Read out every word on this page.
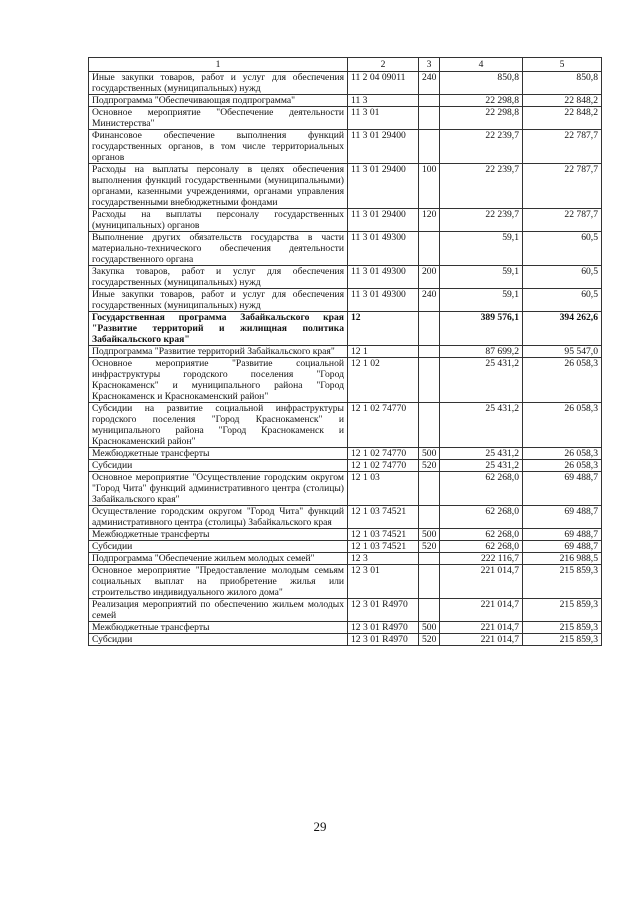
1	2	3	4	5
Иные закупки товаров, работ и услуг для обеспечения государственных (муниципальных) нужд	11 2 04 09011	240	850,8	850,8
Подпрограмма "Обеспечивающая подпрограмма"	11 3		22 298,8	22 848,2
Основное мероприятие "Обеспечение деятельности Министерства"	11 3 01		22 298,8	22 848,2
Финансовое обеспечение выполнения функций государственных органов, в том числе территориальных органов	11 3 01 29400		22 239,7	22 787,7
Расходы на выплаты персоналу в целях обеспечения выполнения функций государственными (муниципальными) органами, казенными учреждениями, органами управления государственными внебюджетными фондами	11 3 01 29400	100	22 239,7	22 787,7
Расходы на выплаты персоналу государственных (муниципальных) органов	11 3 01 29400	120	22 239,7	22 787,7
Выполнение других обязательств государства в части материально-технического обеспечения деятельности государственного органа	11 3 01 49300		59,1	60,5
Закупка товаров, работ и услуг для обеспечения государственных (муниципальных) нужд	11 3 01 49300	200	59,1	60,5
Иные закупки товаров, работ и услуг для обеспечения государственных (муниципальных) нужд	11 3 01 49300	240	59,1	60,5
Государственная программа Забайкальского края "Развитие территорий и жилищная политика Забайкальского края"	12		389 576,1	394 262,6
Подпрограмма "Развитие территорий Забайкальского края"	12 1		87 699,2	95 547,0
Основное мероприятие "Развитие социальной инфраструктуры городского поселения "Город Краснокаменск" и муниципального района "Город Краснокаменск и Краснокаменский район"	12 1 02		25 431,2	26 058,3
Субсидии на развитие социальной инфраструктуры городского поселения "Город Краснокаменск" и муниципального района "Город Краснокаменск и Краснокаменский район"	12 1 02 74770		25 431,2	26 058,3
Межбюджетные трансферты	12 1 02 74770	500	25 431,2	26 058,3
Субсидии	12 1 02 74770	520	25 431,2	26 058,3
Основное мероприятие "Осуществление городским округом "Город Чита" функций административного центра (столицы) Забайкальского края"	12 1 03		62 268,0	69 488,7
Осуществление городским округом "Город Чита" функций административного центра (столицы) Забайкальского края	12 1 03 74521		62 268,0	69 488,7
Межбюджетные трансферты	12 1 03 74521	500	62 268,0	69 488,7
Субсидии	12 1 03 74521	520	62 268,0	69 488,7
Подпрограмма "Обеспечение жильем молодых семей"	12 3		222 116,7	216 988,5
Основное мероприятие "Предоставление молодым семьям социальных выплат на приобретение жилья или строительство индивидуального жилого дома"	12 3 01		221 014,7	215 859,3
Реализация мероприятий по обеспечению жильем молодых семей	12 3 01 R4970		221 014,7	215 859,3
Межбюджетные трансферты	12 3 01 R4970	500	221 014,7	215 859,3
Субсидии	12 3 01 R4970	520	221 014,7	215 859,3
29
